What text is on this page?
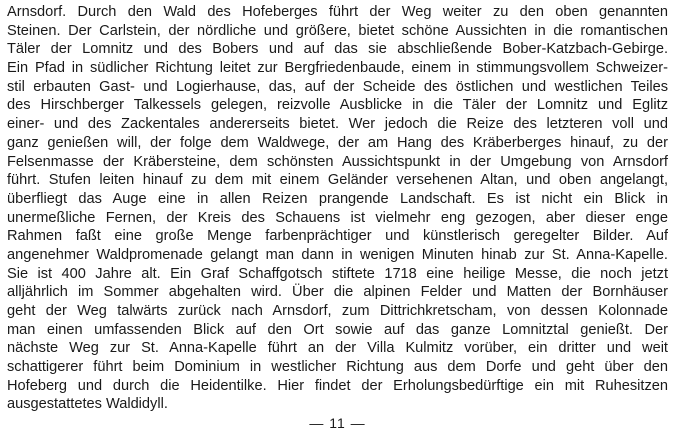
Arnsdorf. Durch den Wald des Hofeberges führt der Weg weiter zu den oben genannten
Steinen. Der Carlstein, der nördliche und größere, bietet schöne Aussichten in die romantischen
Täler der Lomnitz und des Bobers und auf das sie abschließende Bober-Katzbach-Gebirge.
Ein Pfad in südlicher Richtung leitet zur Bergfriedenbaude, einem in stimmungsvollem Schweizer-
stil erbauten Gast- und Logierhause, das, auf der Scheide des östlichen und westlichen Teiles
des Hirschberger Talkessels gelegen, reizvolle Ausblicke in die Täler der Lomnitz und Eglitz
einer- und des Zackentales andererseits bietet. Wer jedoch die Reize des letzteren voll und
ganz genießen will, der folge dem Waldwege, der am Hang des Kräberberges hinauf, zu der
Felsenmasse der Kräbersteine, dem schönsten Aussichtspunkt in der Umgebung von Arnsdorf
führt. Stufen leiten hinauf zu dem mit einem Geländer versehenen Altan, und oben angelangt,
überfliegt das Auge eine in allen Reizen prangende Landschaft. Es ist nicht ein Blick in
unermeßliche Fernen, der Kreis des Schauens ist vielmehr eng gezogen, aber dieser enge
Rahmen faßt eine große Menge farbenprächtiger und künstlerisch geregelter Bilder. Auf
angenehmer Waldpromenade gelangt man dann in wenigen Minuten hinab zur St. Anna-Kapelle.
Sie ist 400 Jahre alt. Ein Graf Schaffgotsch stiftete 1718 eine heilige Messe, die noch jetzt
alljährlich im Sommer abgehalten wird. Über die alpinen Felder und Matten der Bornhäuser
geht der Weg talwärts zurück nach Arnsdorf, zum Dittrichkretscham, von dessen Kolonnade
man einen umfassenden Blick auf den Ort sowie auf das ganze Lomnitztal genießt. Der
nächste Weg zur St. Anna-Kapelle führt an der Villa Kulmitz vorüber, ein dritter und weit
schattigerer führt beim Dominium in westlicher Richtung aus dem Dorfe und geht über den
Hofeberg und durch die Heidentilke. Hier findet der Erholungsbedürftige ein mit Ruhesitzen
ausgestattetes Waldidyll.
— 11 —
